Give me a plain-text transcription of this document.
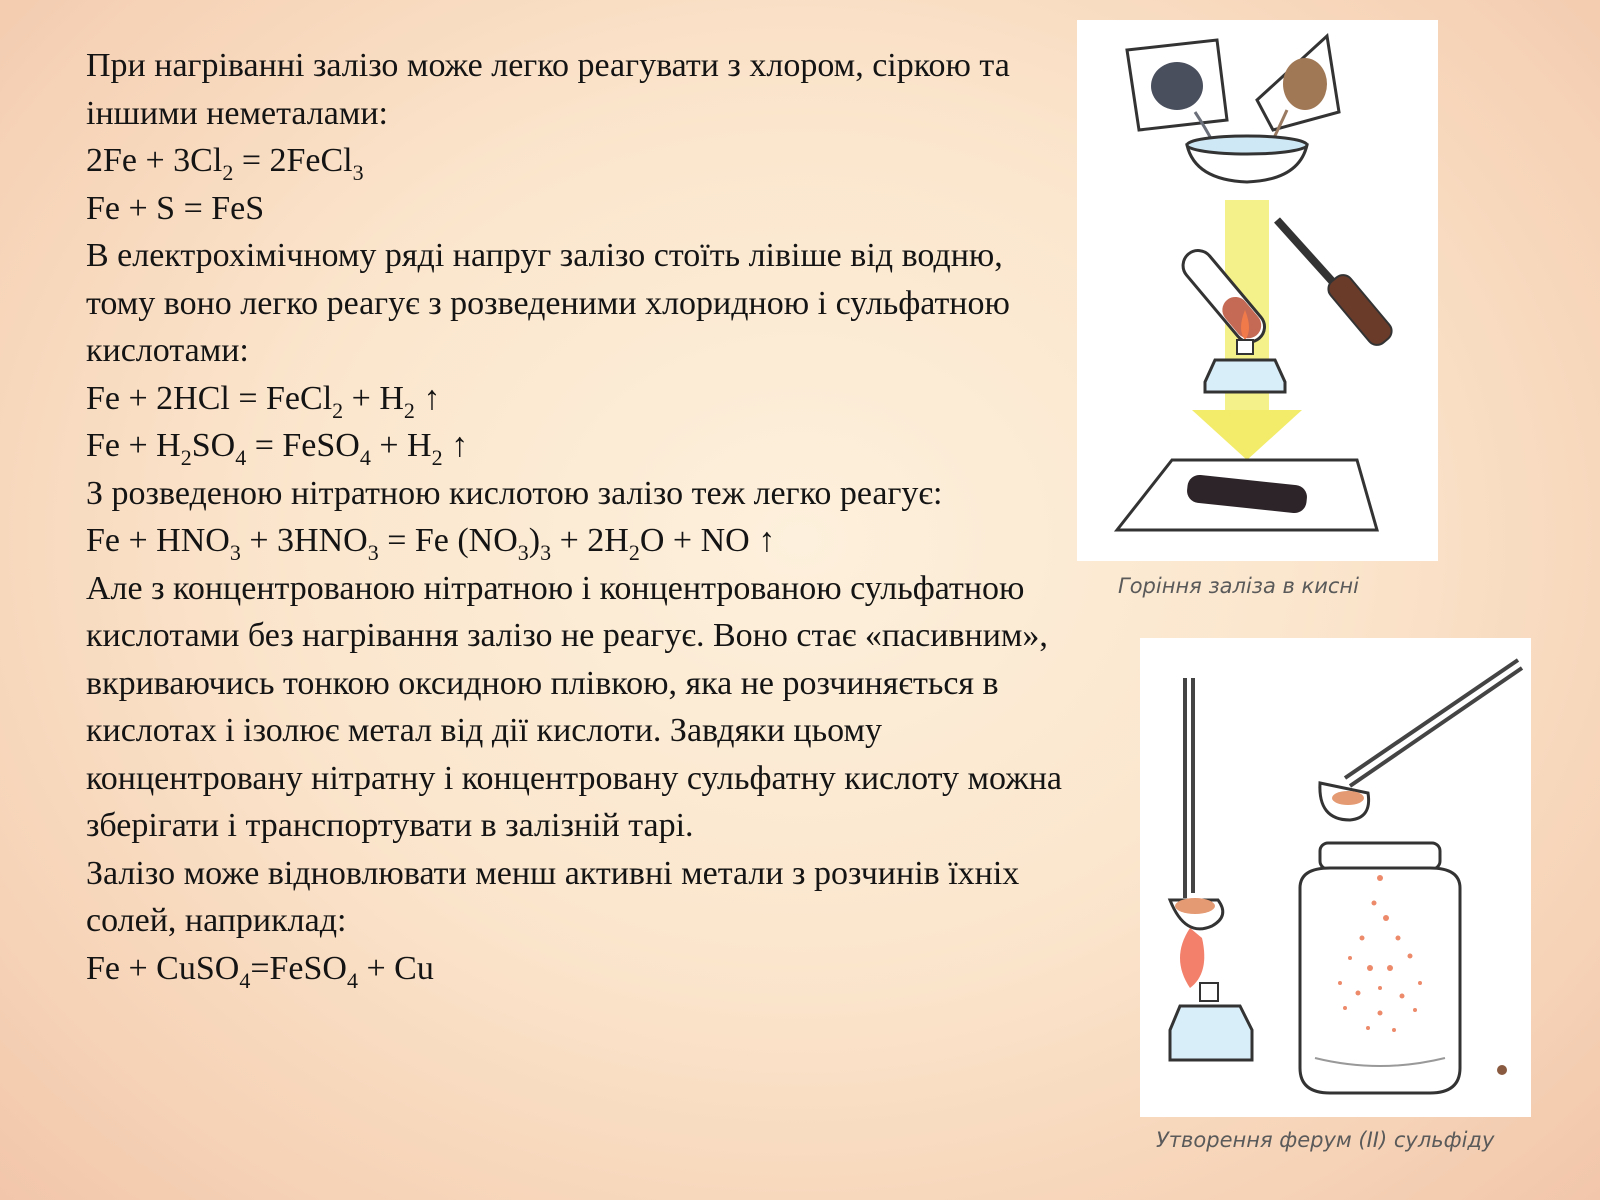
При нагріванні залізо може легко реагувати з хлором, сіркою та іншими неметалами:

$2Fe + 3Cl_2$ = 2FeCl$_3$

Fe + S = FeS

В електрохімічному ряді напруг залізо стоїть лівіше від водню, тому воно легко реагує з розведеними хлоридною і сульфатною кислотами:

Fe + 2HCl = FeCl$_2$ + $H_2$ ↑

$Fe + H_2SO_4$ = FeSO$_4$ + $H_2$ ↑

З розведеною нітратною кислотою залізо теж легко реагує:

$Fe + HNO_3 + 3HNO_3 = Fe$ $(NO_3)_3 + 2H_2O$ + NO ↑

Але з концентрованою нітратною і концентрованою сульфатною кислотами без нагрівання залізо не реагує. Воно стає «пасивним», вкриваючись тонкою оксидною плівкою, яка не розчиняється в кислотах і ізолює метал від дії кислоти. Завдяки цьому концентровану нітратну і концентровану сульфатну кислоту можна зберігати і транспортувати в залізній тарі.

Залізо може відновлювати менш активні метали з розчинів їхніх солей, наприклад:

Fe + CuSO$_4$=FeSO$_4$ + Cu

Горіння заліза в кисні
Утворення ферум (ІІ) сульфіду
